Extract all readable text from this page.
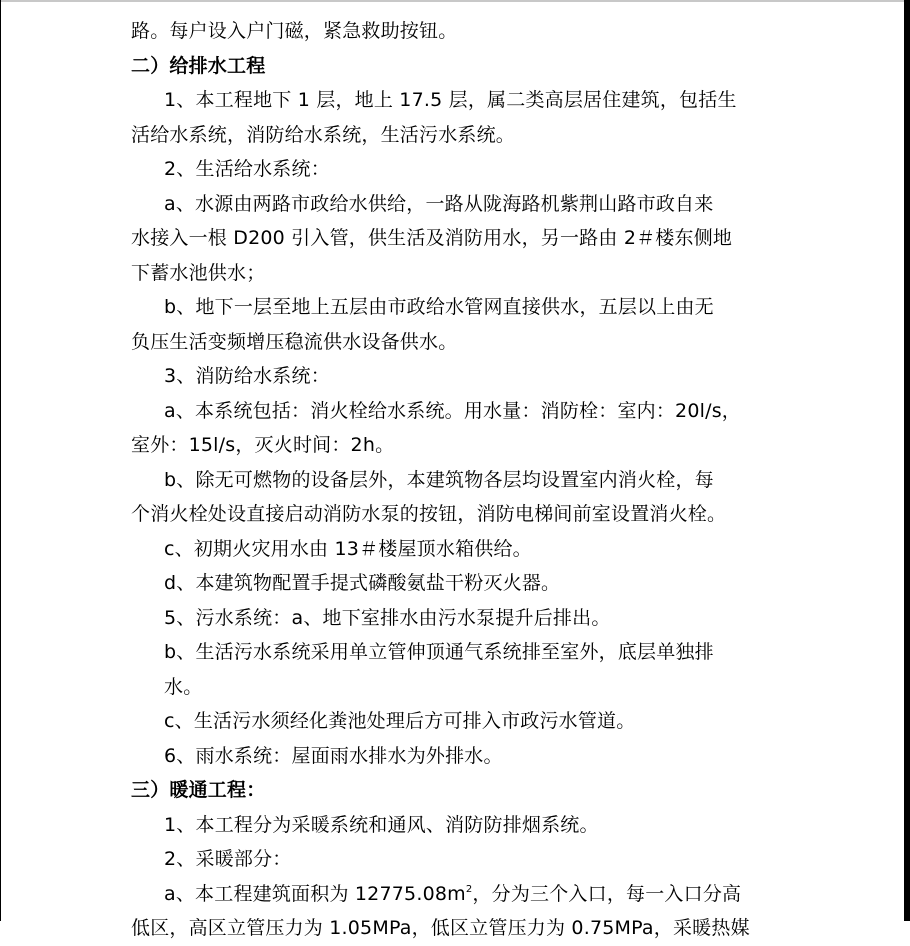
路。每户设入户门磁，紧急救助按钮。
二）给排水工程
1、本工程地下 1 层，地上 17.5 层，属二类高层居住建筑，包括生
活给水系统，消防给水系统，生活污水系统。
2、生活给水系统：
a、水源由两路市政给水供给，一路从陇海路机紫荆山路市政自来
水接入一根 D200 引入管，供生活及消防用水，另一路由 2＃楼东侧地
下蓄水池供水；
b、地下一层至地上五层由市政给水管网直接供水，五层以上由无
负压生活变频增压稳流供水设备供水。
3、消防给水系统：
a、本系统包括：消火栓给水系统。用水量：消防栓：室内：20l/s，
室外：15l/s，灭火时间：2h。
b、除无可燃物的设备层外，本建筑物各层均设置室内消火栓，每
个消火栓处设直接启动消防水泵的按钮，消防电梯间前室设置消火栓。
c、初期火灾用水由 13＃楼屋顶水箱供给。
d、本建筑物配置手提式磷酸氨盐干粉灭火器。
5、污水系统：a、地下室排水由污水泵提升后排出。
b、生活污水系统采用单立管伸顶通气系统排至室外，底层单独排
水。
c、生活污水须经化粪池处理后方可排入市政污水管道。
6、雨水系统：屋面雨水排水为外排水。
三）暖通工程：
1、本工程分为采暖系统和通风、消防防排烟系统。
2、采暖部分：
a、本工程建筑面积为 $12775.08m^2$，分为三个入口，每一入口分高
低区，高区立管压力为 1.05MPa，低区立管压力为 0.75MPa，采暖热媒
